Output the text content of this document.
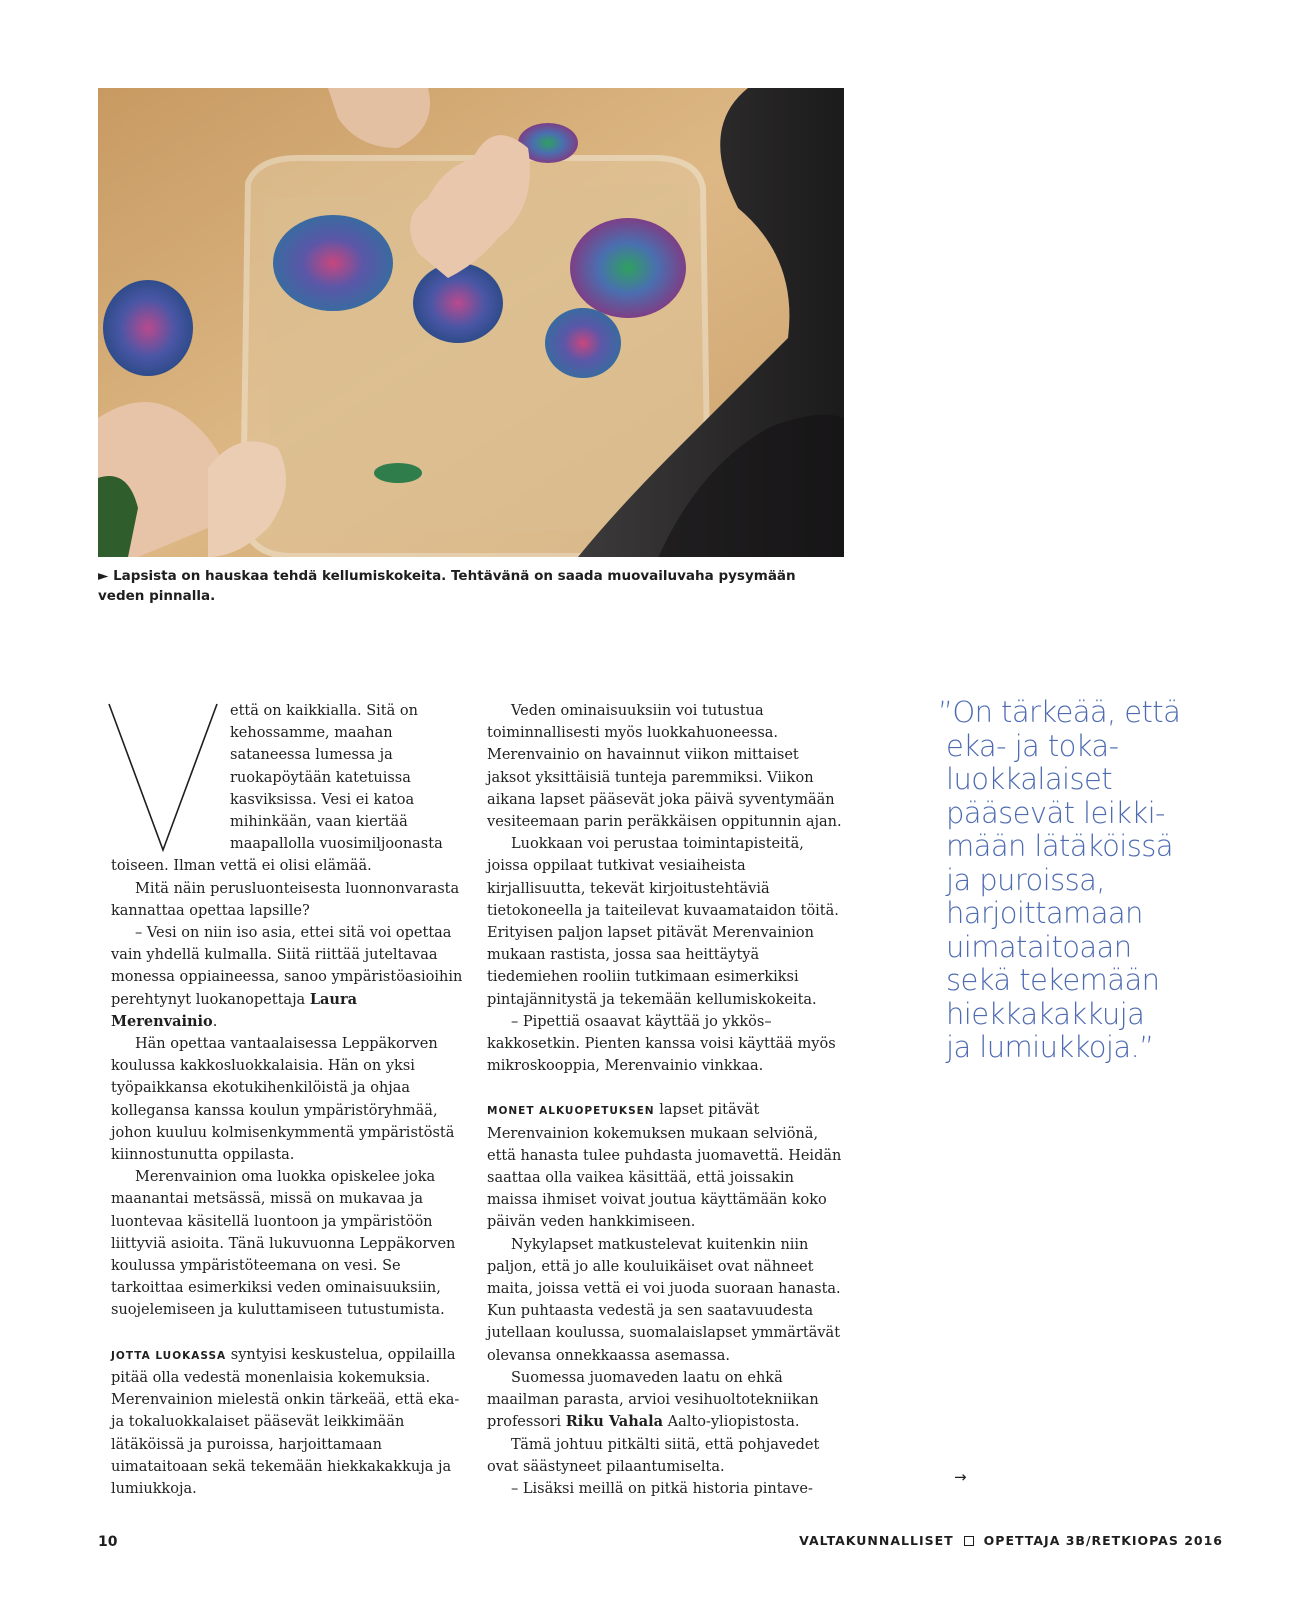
► Lapsista on hauskaa tehdä kellumiskokeita. Tehtävänä on saada muovailuvaha pysymään veden pinnalla.

V

että on kaikkialla. Sitä on kehossamme, maahan sataneessa lumessa ja ruokapöytään katetuissa kasviksissa. Vesi ei katoa mihinkään, vaan kiertää maapallolla vuosimiljoonasta toiseen. Ilman vettä ei olisi elämää.

Mitä näin perusluonteisesta luonnonvarasta kannattaa opettaa lapsille?

– Vesi on niin iso asia, ettei sitä voi opettaa vain yhdellä kulmalla. Siitä riittää juteltavaa monessa oppiaineessa, sanoo ympäristöasioihin perehtynyt luokanopettaja Laura Merenvainio.

Hän opettaa vantaalaisessa Leppäkorven koulussa kakkosluokkalaisia. Hän on yksi työpaikkansa ekotukihenkilöistä ja ohjaa kollegansa kanssa koulun ympäristöryhmää, johon kuuluu kolmisenkymmentä ympäristöstä kiinnostunutta oppilasta.

Merenvainion oma luokka opiskelee joka maanantai metsässä, missä on mukavaa ja luontevaa käsitellä luontoon ja ympäristöön liittyviä asioita. Tänä lukuvuonna Leppäkorven koulussa ympäristöteemana on vesi. Se tarkoittaa esimerkiksi veden ominaisuuksiin, suojelemiseen ja kuluttamiseen tutustumista.

JOTTA LUOKASSA syntyisi keskustelua, oppilailla pitää olla vedestä monenlaisia kokemuksia. Merenvainion mielestä onkin tärkeää, että eka- ja tokaluokkalaiset pääsevät leikkimään lätäköissä ja puroissa, harjoittamaan uimataitoaan sekä tekemään hiekkakakkuja ja lumiukkoja.

Veden ominaisuuksiin voi tutustua toiminnallisesti myös luokkahuoneessa. Merenvainio on havainnut viikon mittaiset jaksot yksittäisiä tunteja paremmiksi. Viikon aikana lapset pääsevät joka päivä syventymään vesiteemaan parin peräkkäisen oppitunnin ajan.

Luokkaan voi perustaa toimintapisteitä, joissa oppilaat tutkivat vesiaiheista kirjallisuutta, tekevät kirjoitustehtäviä tietokoneella ja taiteilevat kuvaamataidon töitä. Erityisen paljon lapset pitävät Merenvainion mukaan rastista, jossa saa heittäytyä tiedemiehen rooliin tutkimaan esimerkiksi pintajännitystä ja tekemään kellumiskokeita.

– Pipettiä osaavat käyttää jo ykkös–kakkosetkin. Pienten kanssa voisi käyttää myös mikroskooppia, Merenvainio vinkkaa.

MONET ALKUOPETUKSEN lapset pitävät Merenvainion kokemuksen mukaan selviönä, että hanasta tulee puhdasta juomavettä. Heidän saattaa olla vaikea käsittää, että joissakin maissa ihmiset voivat joutua käyttämään koko päivän veden hankkimiseen.

Nykylapset matkustelevat kuitenkin niin paljon, että jo alle kouluikäiset ovat nähneet maita, joissa vettä ei voi juoda suoraan hanasta. Kun puhtaasta vedestä ja sen saatavuudesta jutellaan koulussa, suomalaislapset ymmärtävät olevansa onnekkaassa asemassa.

Suomessa juomaveden laatu on ehkä maailman parasta, arvioi vesihuoltotekniikan professori Riku Vahala Aalto-yliopistosta.

Tämä johtuu pitkälti siitä, että pohjavedet ovat säästyneet pilaantumiselta.

– Lisäksi meillä on pitkä historia pintave-

”On tärkeää, että
eka- ja toka-
luokkalaiset
pääsevät leikki-
mään lätäköissä
ja puroissa,
harjoittamaan
uimataitoaan
sekä tekemään
hiekkakakkuja
ja lumiukkoja.”

→
10	VALTAKUNNALLISET OPETTAJA 3B/RETKIOPAS 2016
